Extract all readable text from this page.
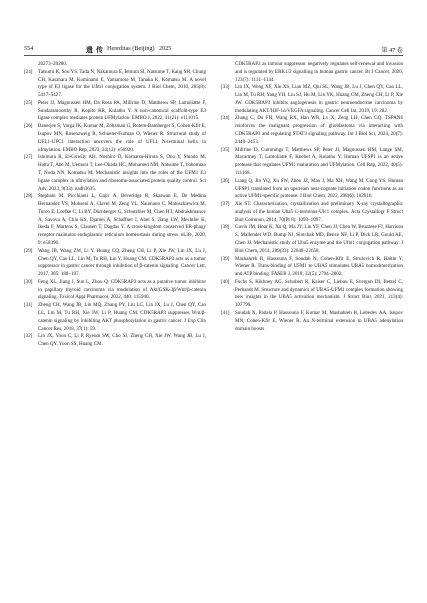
554	遗 传 Hereditas (Beijing) 2025	第 47 卷
20273–20280.
[24]	Tatsumi K, Sou YS, Tada N, Nakamura E, Iemura SI, Natsume T, Kang SH, Chung CH, Kasahara M, Kominami E, Yamamoto M, Tanaka K, Komatsu M. A novel type of E3 ligase for the Ufm1 conjugation system. J Biol Chem, 2010, 285(8): 5417–5427.
[25]	Peter JJ, Magnussen HM, Da Rosa PA, Millrine D, Matthews SP, Lamoliatte F, Sundaramoorthy R, Kopito RR, Kulathu Y. A non-canonical scaffold-type E3 ligase complex mediates protein UFMylation. EMBO J, 2022, 41(21): e111015.
[26]	Banerjee S, Varga JK, Kumar M, Zoltsman G, Rotem-Bamberger S, Cohen-Kfir E, Isupov MN, Rosenzweig R, Schueler-Furman O, Wiener R. Structural study of UFL1-UFC1 interaction uncovers the role of UFL1 N-terminal helix in ufmylation. EMBO Rep, 2023, 24(12): e56920.
[27]	Ishimura R, El-Gowily AH, Noshiro D, Komatsu-Hirota S, Ono Y, Shindo M, Hatta T, Abe M, Uemura T, Lee-Okada HC, Mohamed NM, Natsume T, Yokomizo T, Noda NN, Komatsu M. Mechanistic insights into the roles of the UFM1 E3 ligase complex in ufmylation and ribosome-associated protein quality control. Sci Adv, 2023, 9(33): eadh3635.
[28]	Stephani M, Picchianti L, Gajic A, Beveridge R, Skarwan E, De Medina Hernandez VS, Mohseni A, Clavel M, Zeng YL, Naumann C, Matuszkiewicz M, Turco E, Loefke C, Li BY, Dürnberger G, Schutzbier M, Chen HT, Abdrakhmanov A, Savova A, Chia KS, Djamei A, Schaffner I, Abel S, Jiang LW, Mechtler K, Ikeda F, Martens S, Clausen T, Dagdas Y. A cross-kingdom conserved ER-phagy receptor maintains endoplasmic reticulum homeostasis during stress. eLife, 2020, 9: e58396.
[29]	Wang JB, Wang ZW, Li Y, Huang CQ, Zheng CH, Li P, Xie JW, Lin JX, Lu J, Chen QY, Cao LL, Lin M, Tu RH, Lin Y, Huang CM. CDK5RAP3 acts as a tumor suppressor in gastric cancer through inhibition of β-catenin signaling. Cancer Lett, 2017, 385: 188–197.
[30]	Feng XL, Jiang J, Sun L, Zhou Q. CDK5RAP3 acts as a putative tumor inhibitor in papillary thyroid carcinoma via modulation of Akt/GSK-3β/Wnt/β-catenin signaling. Toxicol Appl Pharmacol, 2022, 440: 115940.
[31]	Zheng CH, Wang JB, Lin MQ, Zhang PY, Liu LC, Lin JX, Lu J, Chen QY, Cao LL, Lin M, Tu RH, Xie JW, Li P, Huang CM. CDK5RAP3 suppresses Wnt/β-catenin signaling by inhibiting AKT phosphorylation in gastric cancer. J Exp Clin Cancer Res, 2018, 37(1): 59.
[32]	Lin JX, Yoon C, Li P, Ryeom SW, Cho SJ, Zheng CH, Xie JW, Wang JB, Lu J, Chen QY, Yoon SS, Huang CM.
CDK5RAP3 as tumour suppressor negatively regulates self-renewal and invasion and is regulated by ERK1/2 signalling in human gastric cancer. Br J Cancer, 2020, 123(7): 1131–1144.
[33]	Lin JX, Weng XF, Xie XS, Lian MZ, Qiu SL, Wang JB, Lu J, Chen QY, Cao LL, Lin M, Tu RH, Yang YH, Liu SJ, Hu M, Lin YK, Huang CM, Zheng CH, Li P, Xie JW. CDK5RAP3 inhibits angiogenesis in gastric neuroendocrine carcinoma by modulating AKT/HIF-1α/VEGFA signaling. Cancer Cell Int, 2019, 19: 282.
[34]	Zhang C, Du FH, Wang RX, Han WB, Lv X, Zeng LH, Chen GQ. TSPAN6 reinforces the malignant progression of glioblastoma via interacting with CDK5RAP3 and regulating STAT3 signaling pathway. Int J Biol Sci, 2024, 20(7): 2440–2453.
[35]	Millrine D, Cummings T, Matthews SP, Peter JJ, Magnussen HM, Lange SM, Macartney T, Lamoliatte F, Knebel A, Kulathu Y. Human UFSP1 is an active protease that regulates UFM1 maturation and UFMylation. Cell Rep, 2022, 40(5): 111168.
[36]	Liang Q, Jin YQ, Xu SW, Zhou JZ, Mao J, Ma XH, Wang M, Cong YS. Human UFSP1 translated from an upstream near-cognate initiation codon functions as an active UFM1-specific protease. J Biol Chem, 2022, 298(6): 102016.
[37]	Xie ST. Characterization, crystallization and preliminary X-ray crystallographic analysis of the human Uba5 C-terminus-Ufc1 complex. Acta Crystallogr F Struct Biol Commun, 2014, 70(Pt 8): 1093–1097.
[38]	Gavin JM, Hoar K, Xu Q, Ma JY, Lin YF, Chen JJ, Chen W, Bruzzese FJ, Harrison S, Mallender WD, Bump NJ, Sintchak MD, Bence NF, Li P, Dick LR, Gould AE, Chen JJ. Mechanistic study of Uba5 enzyme and the Ufm1 conjugation pathway. J Biol Chem, 2014, 289(33): 22648–22658.
[39]	Mashahreh B, Hassouna F, Soudah N, Cohen-Kfir E, Strulovich R, Haitin Y, Wiener R. Trans-binding of UFM1 to UBA5 stimulates UBA5 homodimerization and ATP binding. FASEB J, 2018, 32(5): 2794–2802.
[40]	Fuchs S, Kikhney AG, Schubert R, Kaiser C, Liebau E, Svergun DI, Betzel C, Perbandt M. Structure and dynamics of UBA5-UFM1 complex formation showing new insights in the UBA5 activation mechanism. J Struct Biol, 2021, 213(4): 107796.
[41]	Soudah N, Padala P, Hassouna F, Kumar M, Mashahreh B, Lebedev AA, Isupov MN, Cohen-Kfir E, Wiener R. An N-terminal extension to UBA5 adenylation domain boosts
